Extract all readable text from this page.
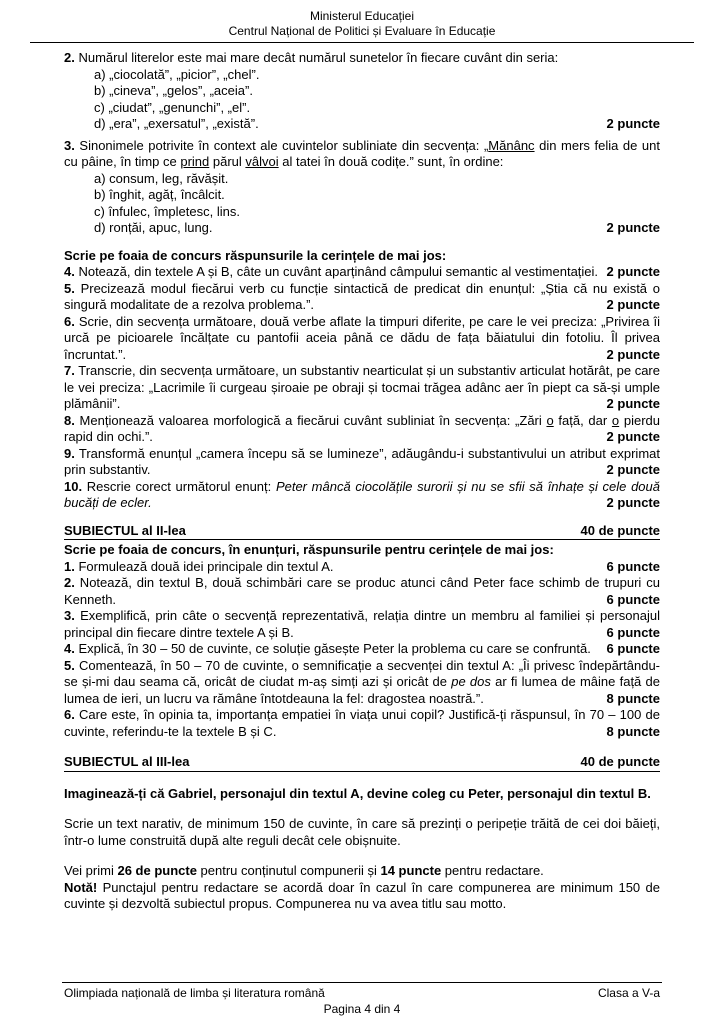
Ministerul Educației
Centrul Național de Politici și Evaluare în Educație

2. Numărul literelor este mai mare decât numărul sunetelor în fiecare cuvânt din seria:

a) „ciocolată”, „picior”, „chel”.
b) „cineva”, „gelos”, „aceia”.
c) „ciudat”, „genunchi”, „el”.
d) „era”, „exersatul”, „există”.	2 puncte

3. Sinonimele potrivite în context ale cuvintelor subliniate din secvența: „Mănânc din mers felia de unt cu pâine, în timp ce prind părul vâlvoi al tatei în două codițe.” sunt, în ordine:

a) consum, leg, răvășit.
b) înghit, agăț, încâlcit.
c) înfulec, împletesc, lins.
d) ronțăi, apuc, lung.	2 puncte

Scrie pe foaia de concurs răspunsurile la cerințele de mai jos:

4. Notează, din textele A și B, câte un cuvânt aparținând câmpului semantic al vestimentației. 2 puncte

5. Precizează modul fiecărui verb cu funcție sintactică de predicat din enunțul: „Știa că nu există o singură modalitate de a rezolva problema.”.	2 puncte

6. Scrie, din secvența următoare, două verbe aflate la timpuri diferite, pe care le vei preciza: „Privirea îi urcă pe picioarele încălțate cu pantofii aceia până ce dădu de fața băiatului din fotoliu. Îl privea încruntat.”.	2 puncte

7. Transcrie, din secvența următoare, un substantiv nearticulat și un substantiv articulat hotărât, pe care le vei preciza: „Lacrimile îi curgeau șiroaie pe obraji și tocmai trăgea adânc aer în piept ca să-și umple plămânii”.	2 puncte

8. Menționează valoarea morfologică a fiecărui cuvânt subliniat în secvența: „Zări o față, dar o pierdu rapid din ochi.”.	2 puncte

9. Transformă enunțul „camera începu să se lumineze”, adăugându-i substantivului un atribut exprimat prin substantiv.	2 puncte

10. Rescrie corect următorul enunț: Peter mâncă ciocolățile surorii și nu se sfii să înhațe și cele două bucăți de ecler.	2 puncte

SUBIECTUL al II-lea	40 de puncte

Scrie pe foaia de concurs, în enunțuri, răspunsurile pentru cerințele de mai jos:

1. Formulează două idei principale din textul A.	6 puncte

2. Notează, din textul B, două schimbări care se produc atunci când Peter face schimb de trupuri cu Kenneth.	6 puncte

3. Exemplifică, prin câte o secvență reprezentativă, relația dintre un membru al familiei și personajul principal din fiecare dintre textele A și B.	6 puncte

4. Explică, în 30 – 50 de cuvinte, ce soluție găsește Peter la problema cu care se confruntă. 6 puncte

5. Comentează, în 50 – 70 de cuvinte, o semnificație a secvenței din textul A: „Îi privesc îndepărtându-se și-mi dau seama că, oricât de ciudat m-aș simți azi și oricât de pe dos ar fi lumea de mâine față de lumea de ieri, un lucru va rămâne întotdeauna la fel: dragostea noastră.”.	8 puncte

6. Care este, în opinia ta, importanța empatiei în viața unui copil? Justifică-ți răspunsul, în 70 – 100 de cuvinte, referindu-te la textele B și C.	8 puncte

SUBIECTUL al III-lea	40 de puncte

Imaginează-ți că Gabriel, personajul din textul A, devine coleg cu Peter, personajul din textul B.

Scrie un text narativ, de minimum 150 de cuvinte, în care să prezinți o peripeție trăită de cei doi băieți, într-o lume construită după alte reguli decât cele obișnuite.

Vei primi 26 de puncte pentru conținutul compunerii și 14 puncte pentru redactare.

Notă! Punctajul pentru redactare se acordă doar în cazul în care compunerea are minimum 150 de cuvinte și dezvoltă subiectul propus. Compunerea nu va avea titlu sau motto.

Olimpiada națională de limba și literatura română	Clasa a V-a
Pagina 4 din 4
